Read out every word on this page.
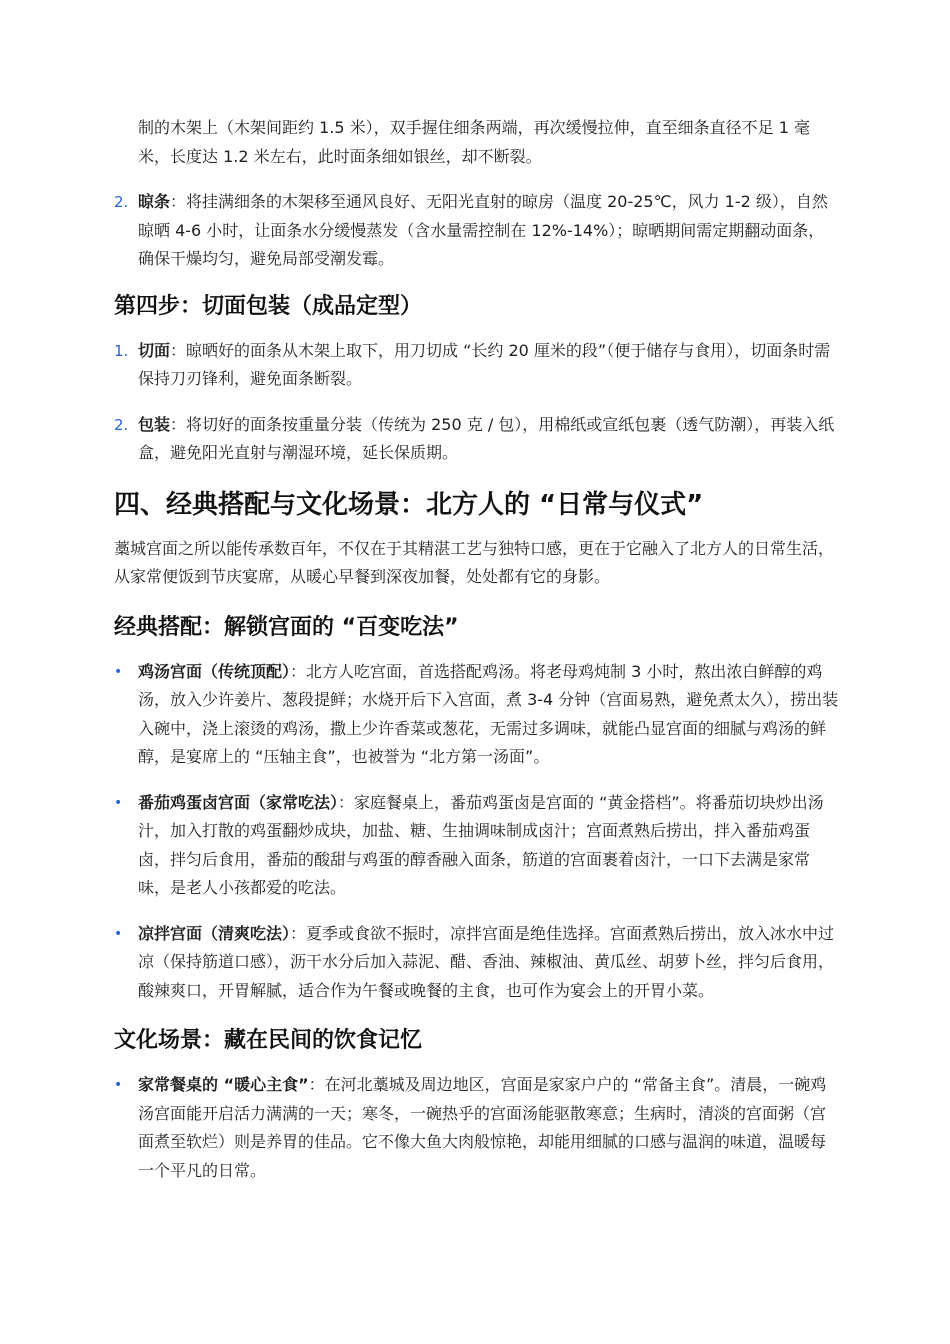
制的木架上（木架间距约 1.5 米），双手握住细条两端，再次缓慢拉伸，直至细条直径不足 1 毫米，长度达 1.2 米左右，此时面条细如银丝，却不断裂。

2. 晾条：将挂满细条的木架移至通风良好、无阳光直射的晾房（温度 20-25℃，风力 1-2 级），自然晾晒 4-6 小时，让面条水分缓慢蒸发（含水量需控制在 12%-14%）；晾晒期间需定期翻动面条，确保干燥均匀，避免局部受潮发霉。
第四步：切面包装（成品定型）
1. 切面：晾晒好的面条从木架上取下，用刀切成 “长约 20 厘米的段”（便于储存与食用），切面条时需保持刀刃锋利，避免面条断裂。
2. 包装：将切好的面条按重量分装（传统为 250 克 / 包），用棉纸或宣纸包裹（透气防潮），再装入纸盒，避免阳光直射与潮湿环境，延长保质期。
四、经典搭配与文化场景：北方人的 “日常与仪式”

藁城宫面之所以能传承数百年，不仅在于其精湛工艺与独特口感，更在于它融入了北方人的日常生活，从家常便饭到节庆宴席，从暖心早餐到深夜加餐，处处都有它的身影。

经典搭配：解锁宫面的 “百变吃法”
• 鸡汤宫面（传统顶配）：北方人吃宫面，首选搭配鸡汤。将老母鸡炖制 3 小时，熬出浓白鲜醇的鸡汤，放入少许姜片、葱段提鲜；水烧开后下入宫面，煮 3-4 分钟（宫面易熟，避免煮太久），捞出装入碗中，浇上滚烫的鸡汤，撒上少许香菜或葱花，无需过多调味，就能凸显宫面的细腻与鸡汤的鲜醇，是宴席上的 “压轴主食”，也被誉为 “北方第一汤面”。
• 番茄鸡蛋卤宫面（家常吃法）：家庭餐桌上，番茄鸡蛋卤是宫面的 “黄金搭档”。将番茄切块炒出汤汁，加入打散的鸡蛋翻炒成块，加盐、糖、生抽调味制成卤汁；宫面煮熟后捞出，拌入番茄鸡蛋卤，拌匀后食用，番茄的酸甜与鸡蛋的醇香融入面条，筋道的宫面裹着卤汁，一口下去满是家常味，是老人小孩都爱的吃法。
• 凉拌宫面（清爽吃法）：夏季或食欲不振时，凉拌宫面是绝佳选择。宫面煮熟后捞出，放入冰水中过凉（保持筋道口感），沥干水分后加入蒜泥、醋、香油、辣椒油、黄瓜丝、胡萝卜丝，拌匀后食用，酸辣爽口，开胃解腻，适合作为午餐或晚餐的主食，也可作为宴会上的开胃小菜。
文化场景：藏在民间的饮食记忆
• 家常餐桌的 “暖心主食”：在河北藁城及周边地区，宫面是家家户户的 “常备主食”。清晨，一碗鸡汤宫面能开启活力满满的一天；寒冬，一碗热乎的宫面汤能驱散寒意；生病时，清淡的宫面粥（宫面煮至软烂）则是养胃的佳品。它不像大鱼大肉般惊艳，却能用细腻的口感与温润的味道，温暖每一个平凡的日常。
